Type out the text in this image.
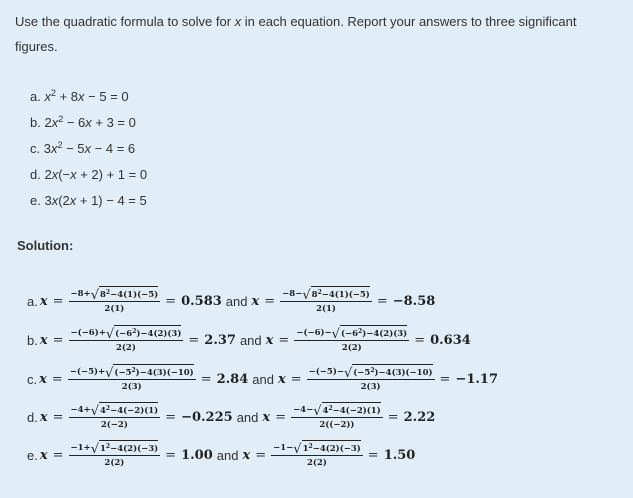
Use the quadratic formula to solve for x in each equation. Report your answers to three significant figures.
a. $x^2 + 8x - 5 = 0$
b. $2x^2 - 6x + 3 = 0$
c. $3x^2 - 5x - 4 = 6$
d. 2x(−x + 2) + 1 = 0
e. 3x(2x + 1) − 4 = 5
Solution:
a. $x = \frac{-8+ √ 8^2-4(1)(-5)}{2(1)} = 0.583$ and $x = \frac{-8- √ 8^2-4(1)(-5)}{2(1)} = -8.58$
b. $x = \frac{-(-6)+ √ (-6^2)-4(2)(3)}{2(2)} = 2.37$ and $x = \frac{-(-6)- √ (-6^2)-4(2)(3)}{2(2)} = 0.634$
c. $x = \frac{-(-5)+ √ (-5^2)-4(3)(-10)}{2(3)} = 2.84$ and $x = \frac{-(-5)- √ (-5^2)-4(3)(-10)}{2(3)} = -1.17$
d. $x = \frac{-4+ √ 4^2-4(-2)(1)}{2(-2)} = -0.225$ and $x = \frac{-4- √ 4^2-4(-2)(1)}{2((-2))} = 2.22$
e. $x = \frac{-1+ √ 1^2-4(2)(-3)}{2(2)} = 1.00$ and $x = \frac{-1- √ 1^2-4(2)(-3)}{2(2)} = 1.50$
